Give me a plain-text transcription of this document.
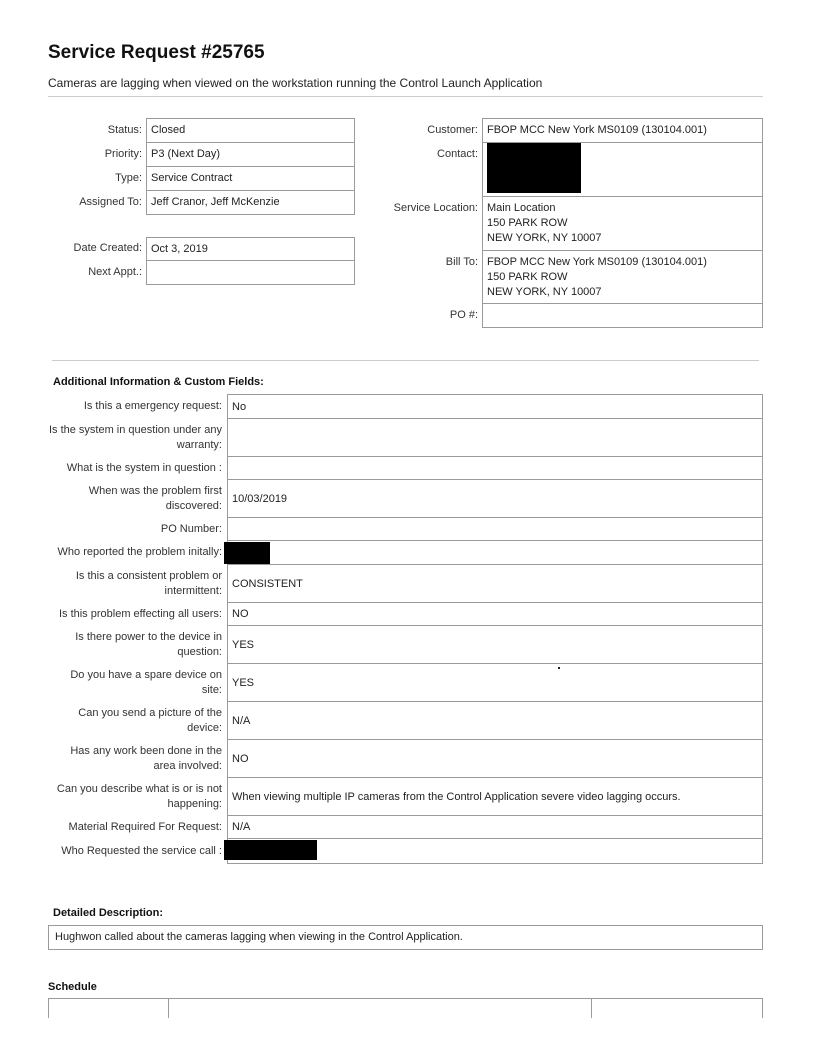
Service Request #25765
Cameras are lagging when viewed on the workstation running the Control Launch Application
Status:
Priority:
Type:
Assigned To:
Closed
P3 (Next Day)
Service Contract
Jeff Cranor, Jeff McKenzie
Date Created:
Next Appt.:
Oct 3, 2019
Customer:
Contact:
Service Location:
Bill To:
FBOP MCC New York MS0109 (130104.001)
Main Location
150 PARK ROW
NEW YORK, NY 10007
FBOP MCC New York MS0109 (130104.001)
150 PARK ROW
NEW YORK, NY 10007
PO #:
Additional Information & Custom Fields:
Is this a emergency request: No
Is the system in question under any warranty:
What is the system in question :
When was the problem first discovered:
10/03/2019
PO Number:
Who reported the problem initally:
Is this a consistent problem or intermittent:
CONSISTENT
Is this problem effecting all users: NO
Is there power to the device in question:
YES
Do you have a spare device on site:
YES
Can you send a picture of the device:
N/A
Has any work been done in the area involved:
NO
Can you describe what is or is not happening:
When viewing multiple IP cameras from the Control Application severe video lagging occurs.
Material Required For Request: N/A
Who Requested the service call :
Detailed Description:
Hughwon called about the cameras lagging when viewing in the Control Application.
Schedule
